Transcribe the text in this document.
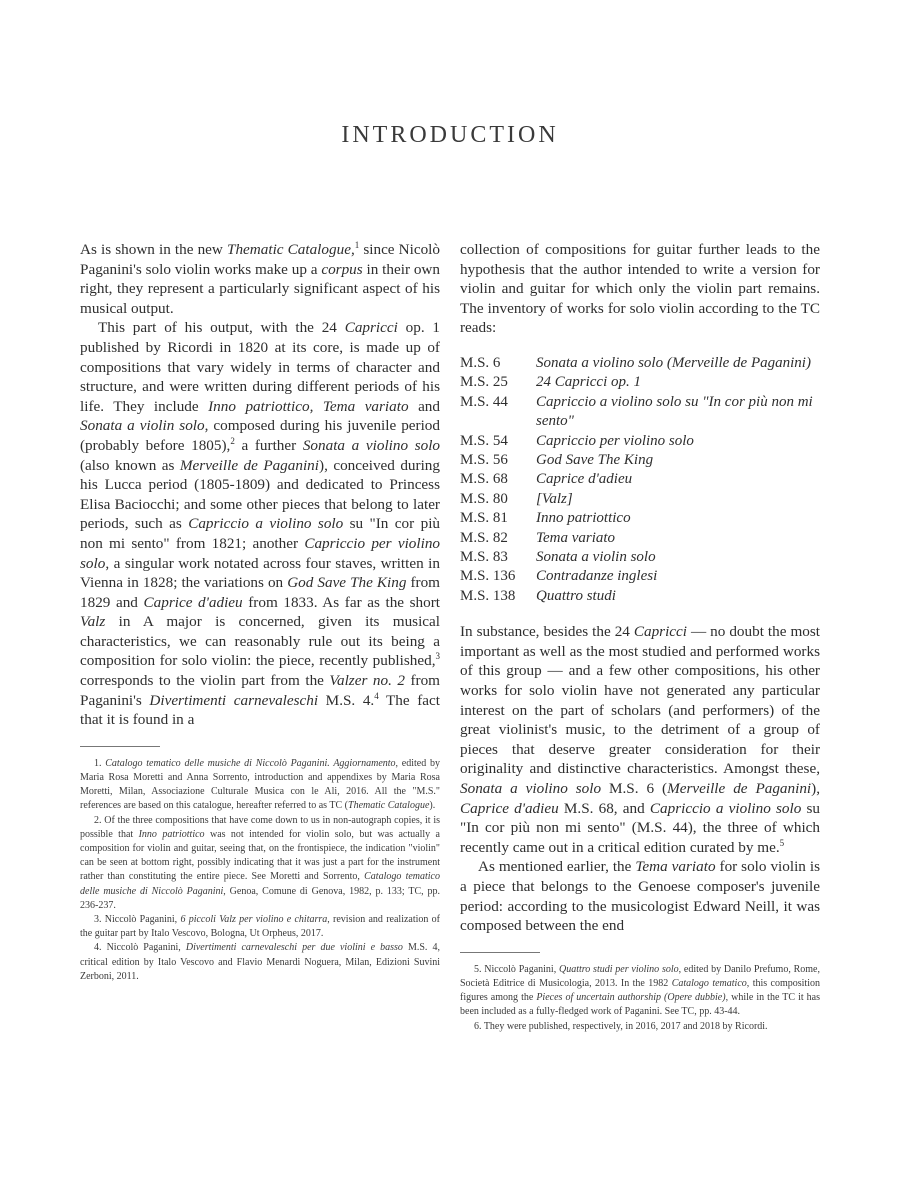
INTRODUCTION

As is shown in the new Thematic Catalogue,$^1$ since Nicolò Paganini's solo violin works make up a corpus in their own right, they represent a particularly significant aspect of his musical output.

This part of his output, with the 24 Capricci op. 1 published by Ricordi in 1820 at its core, is made up of compositions that vary widely in terms of character and structure, and were written during different periods of his life. They include Inno patriottico, Tema variato and Sonata a violin solo, composed during his juvenile period (probably before 1805),$^2$ a further Sonata a violino solo (also known as Merveille de Paganini), conceived during his Lucca period (1805-1809) and dedicated to Princess Elisa Baciocchi; and some other pieces that belong to later periods, such as Capriccio a violino solo su "In cor più non mi sento" from 1821; another Capriccio per violino solo, a singular work notated across four staves, written in Vienna in 1828; the variations on God Save The King from 1829 and Caprice d'adieu from 1833. As far as the short Valz in A major is concerned, given its musical characteristics, we can reasonably rule out its being a composition for solo violin: the piece, recently published,$^3$ corresponds to the violin part from the Valzer no. 2 from Paganini's Divertimenti carnevaleschi M.S. 4.$^4$ The fact that it is found in a

1. Catalogo tematico delle musiche di Niccolò Paganini. Aggiornamento, edited by Maria Rosa Moretti and Anna Sorrento, introduction and appendixes by Maria Rosa Moretti, Milan, Associazione Culturale Musica con le Ali, 2016. All the "M.S." references are based on this catalogue, hereafter referred to as TC (Thematic Catalogue).

2. Of the three compositions that have come down to us in non-autograph copies, it is possible that Inno patriottico was not intended for violin solo, but was actually a composition for violin and guitar, seeing that, on the frontispiece, the indication "violin" can be seen at bottom right, possibly indicating that it was just a part for the instrument rather than constituting the entire piece. See Moretti and Sorrento, Catalogo tematico delle musiche di Niccolò Paganini, Genoa, Comune di Genova, 1982, p. 133; TC, pp. 236-237.

3. Niccolò Paganini, 6 piccoli Valz per violino e chitarra, revision and realization of the guitar part by Italo Vescovo, Bologna, Ut Orpheus, 2017.

4. Niccolò Paganini, Divertimenti carnevaleschi per due violini e basso M.S. 4, critical edition by Italo Vescovo and Flavio Menardi Noguera, Milan, Edizioni Suvini Zerboni, 2011.

collection of compositions for guitar further leads to the hypothesis that the author intended to write a version for violin and guitar for which only the violin part remains. The inventory of works for solo violin according to the TC reads:

M.S. 6	Sonata a violino solo (Merveille de Paganini)
M.S. 25	24 Capricci op. 1
M.S. 44	Capriccio a violino solo su "In cor più non mi sento"
M.S. 54	Capriccio per violino solo
M.S. 56	God Save The King
M.S. 68	Caprice d'adieu
M.S. 80	[Valz]
M.S. 81	Inno patriottico
M.S. 82	Tema variato
M.S. 83	Sonata a violin solo
M.S. 136	Contradanze inglesi
M.S. 138	Quattro studi

In substance, besides the 24 Capricci — no doubt the most important as well as the most studied and performed works of this group — and a few other compositions, his other works for solo violin have not generated any particular interest on the part of scholars (and performers) of the great violinist's music, to the detriment of a group of pieces that deserve greater consideration for their originality and distinctive characteristics. Amongst these, Sonata a violino solo M.S. 6 (Merveille de Paganini), Caprice d'adieu M.S. 68, and Capriccio a violino solo su "In cor più non mi sento" (M.S. 44), the three of which recently came out in a critical edition curated by me.$^5$

As mentioned earlier, the Tema variato for solo violin is a piece that belongs to the Genoese composer's juvenile period: according to the musicologist Edward Neill, it was composed between the end

5. Niccolò Paganini, Quattro studi per violino solo, edited by Danilo Prefumo, Rome, Società Editrice di Musicologia, 2013. In the 1982 Catalogo tematico, this composition figures among the Pieces of uncertain authorship (Opere dubbie), while in the TC it has been included as a fully-fledged work of Paganini. See TC, pp. 43-44.

6. They were published, respectively, in 2016, 2017 and 2018 by Ricordi.
